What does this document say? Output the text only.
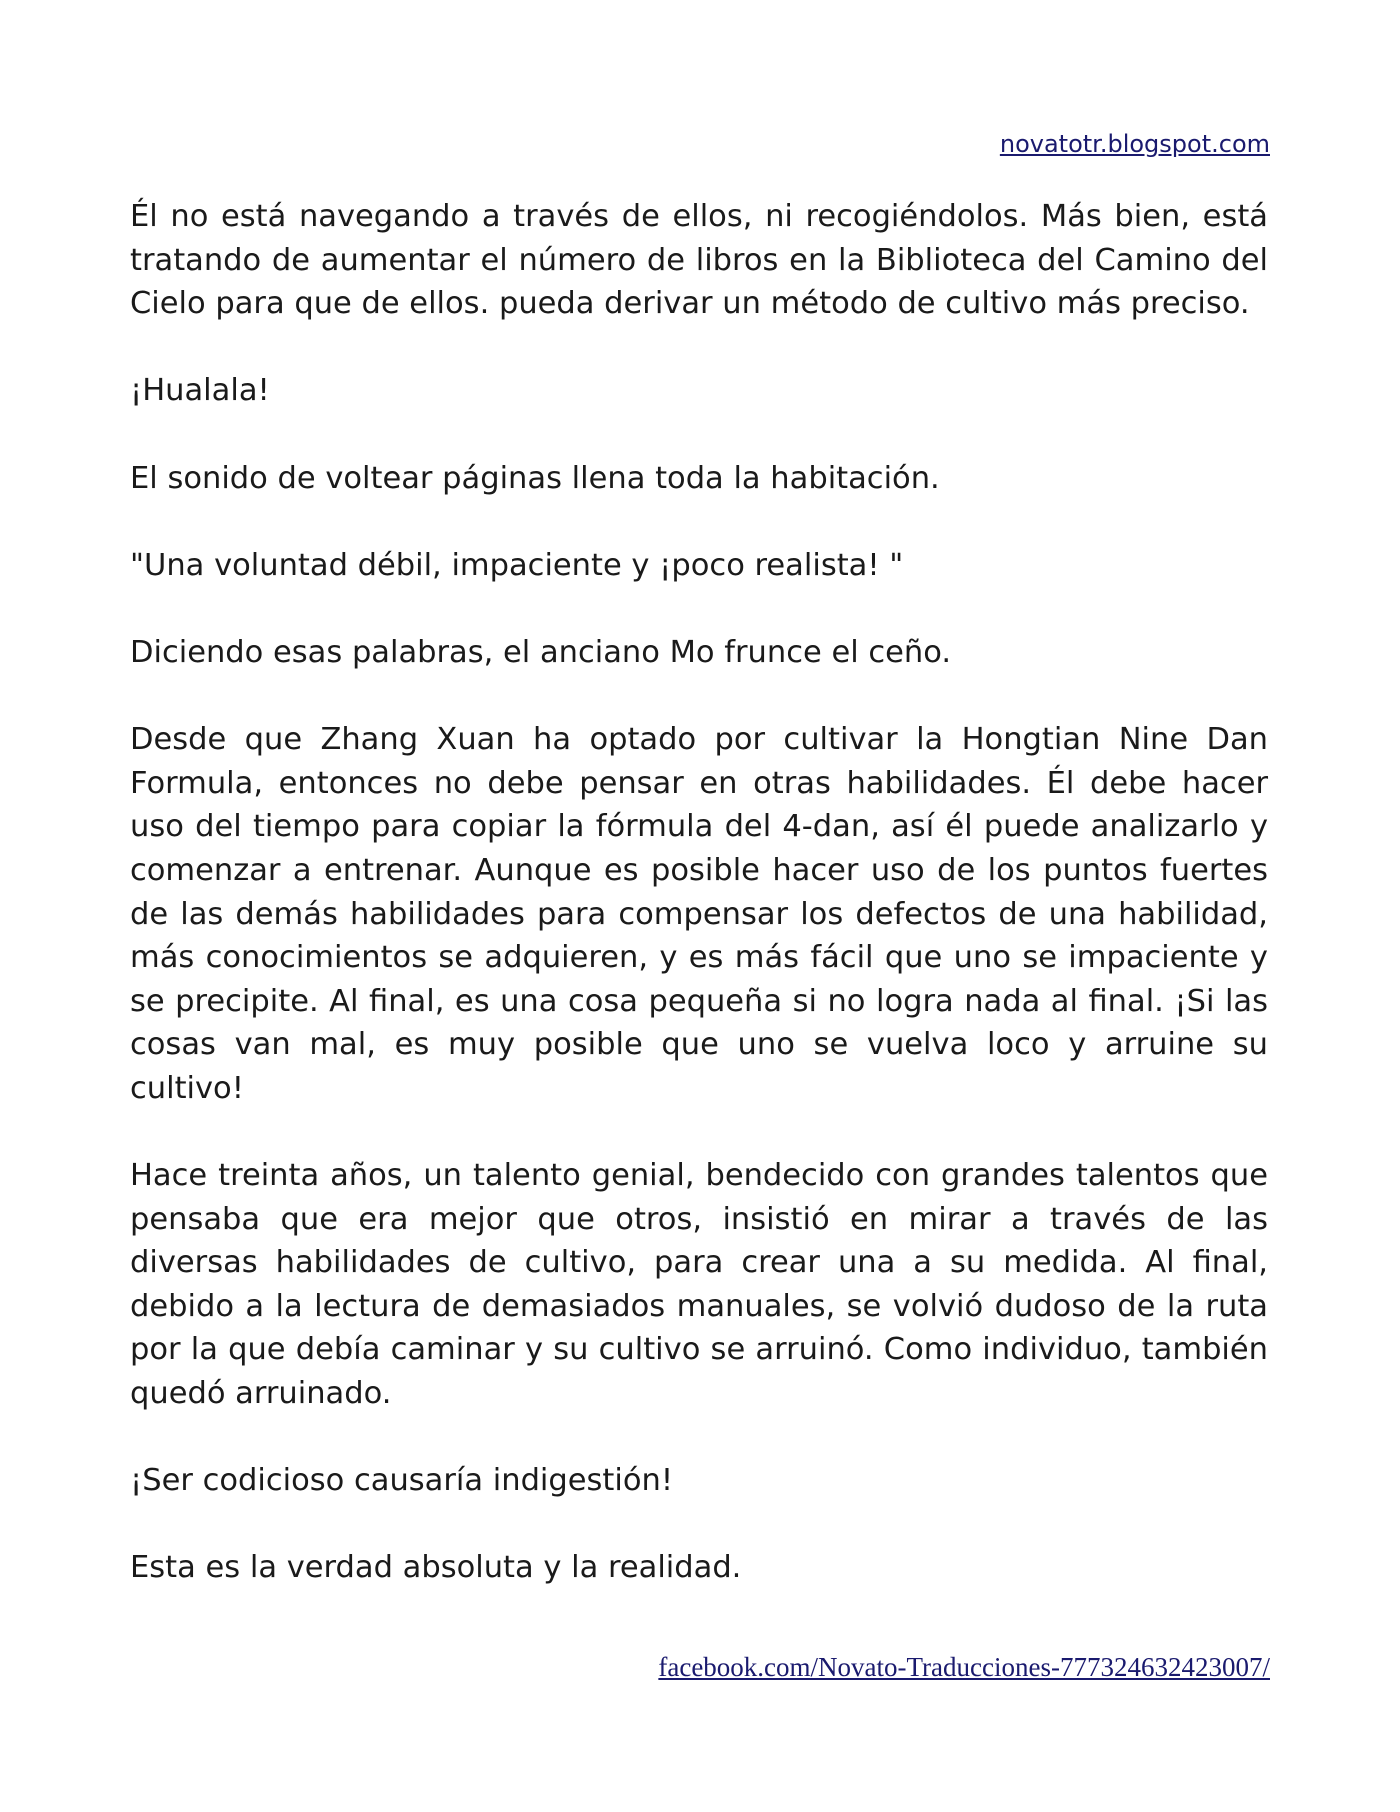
novatotr.blogspot.com

Él no está navegando a través de ellos, ni recogiéndolos. Más bien, está tratando de aumentar el número de libros en la Biblioteca del Camino del Cielo para que de ellos. pueda derivar un método de cultivo más preciso.

¡Hualala!

El sonido de voltear páginas llena toda la habitación.

"Una voluntad débil, impaciente y ¡poco realista! "

Diciendo esas palabras, el anciano Mo frunce el ceño.

Desde que Zhang Xuan ha optado por cultivar la Hongtian Nine Dan Formula, entonces no debe pensar en otras habilidades. Él debe hacer uso del tiempo para copiar la fórmula del 4-dan, así él puede analizarlo y comenzar a entrenar. Aunque es posible hacer uso de los puntos fuertes de las demás habilidades para compensar los defectos de una habilidad, más conocimientos se adquieren, y es más fácil que uno se impaciente y se precipite. Al final, es una cosa pequeña si no logra nada al final. ¡Si las cosas van mal, es muy posible que uno se vuelva loco y arruine su cultivo!

Hace treinta años, un talento genial, bendecido con grandes talentos que pensaba que era mejor que otros, insistió en mirar a través de las diversas habilidades de cultivo, para crear una a su medida. Al final, debido a la lectura de demasiados manuales, se volvió dudoso de la ruta por la que debía caminar y su cultivo se arruinó. Como individuo, también quedó arruinado.

¡Ser codicioso causaría indigestión!

Esta es la verdad absoluta y la realidad.

facebook.com/Novato-Traducciones-777324632423007/
